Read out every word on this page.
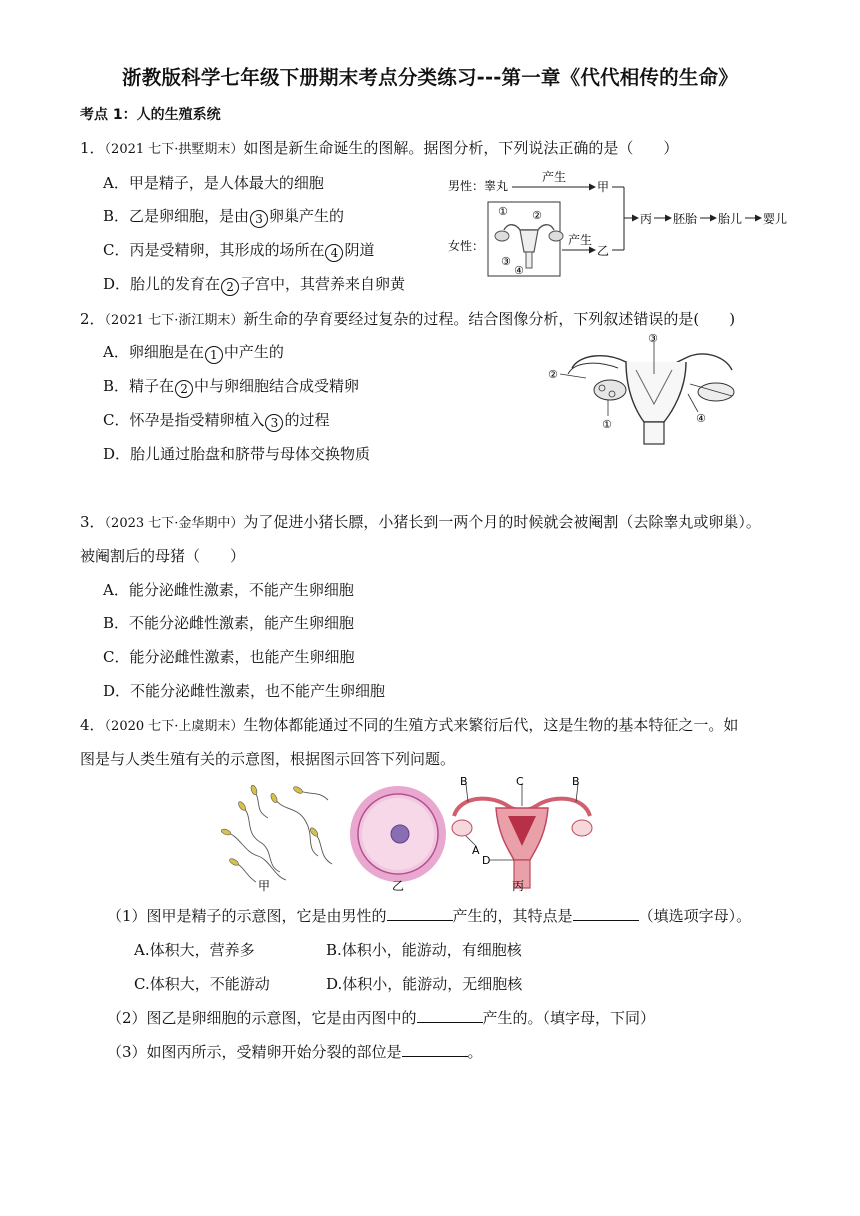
浙教版科学七年级下册期末考点分类练习---第一章《代代相传的生命》
考点 1：人的生殖系统
1．（2021 七下·拱墅期末）如图是新生命诞生的图解。据图分析，下列说法正确的是（　　）
A．甲是精子，是人体最大的细胞
B．乙是卵细胞，是由 3 卵巢产生的
C．丙是受精卵，其形成的场所在 4 阴道
D．胎儿的发育在 2 子宫中，其营养来自卵黄
男性：睾丸
产生
甲
女性：
① ②
③
④
产生
乙
丙 胚胎 胎儿 婴儿
2．（2021 七下·浙江期末）新生命的孕育要经过复杂的过程。结合图像分析，下列叙述错误的是(　　)
A．卵细胞是在 1 中产生的
B．精子在 2 中与卵细胞结合成受精卵
C．怀孕是指受精卵植入 3 的过程
D．胎儿通过胎盘和脐带与母体交换物质
③
②
①	④
3．（2023 七下·金华期中）为了促进小猪长膘，小猪长到一两个月的时候就会被阉割（去除睾丸或卵巢）。
被阉割后的母猪（　　）
A．能分泌雌性激素，不能产生卵细胞
B．不能分泌雌性激素，能产生卵细胞
C．能分泌雌性激素，也能产生卵细胞
D．不能分泌雌性激素，也不能产生卵细胞
4．（2020 七下·上虞期末）生物体都能通过不同的生殖方式来繁衍后代，这是生物的基本特征之一。如
图是与人类生殖有关的示意图，根据图示回答下列问题。
甲	乙
B	C	B
A
D
丙
（1）图甲是精子的示意图，它是由男性的	产生的，其特点是	（填选项字母）。
A.体积大，营养多	B.体积小，能游动，有细胞核
C.体积大，不能游动	D.体积小，能游动，无细胞核
（2）图乙是卵细胞的示意图，它是由丙图中的	产生的。（填字母，下同）
（3）如图丙所示，受精卵开始分裂的部位是	。
